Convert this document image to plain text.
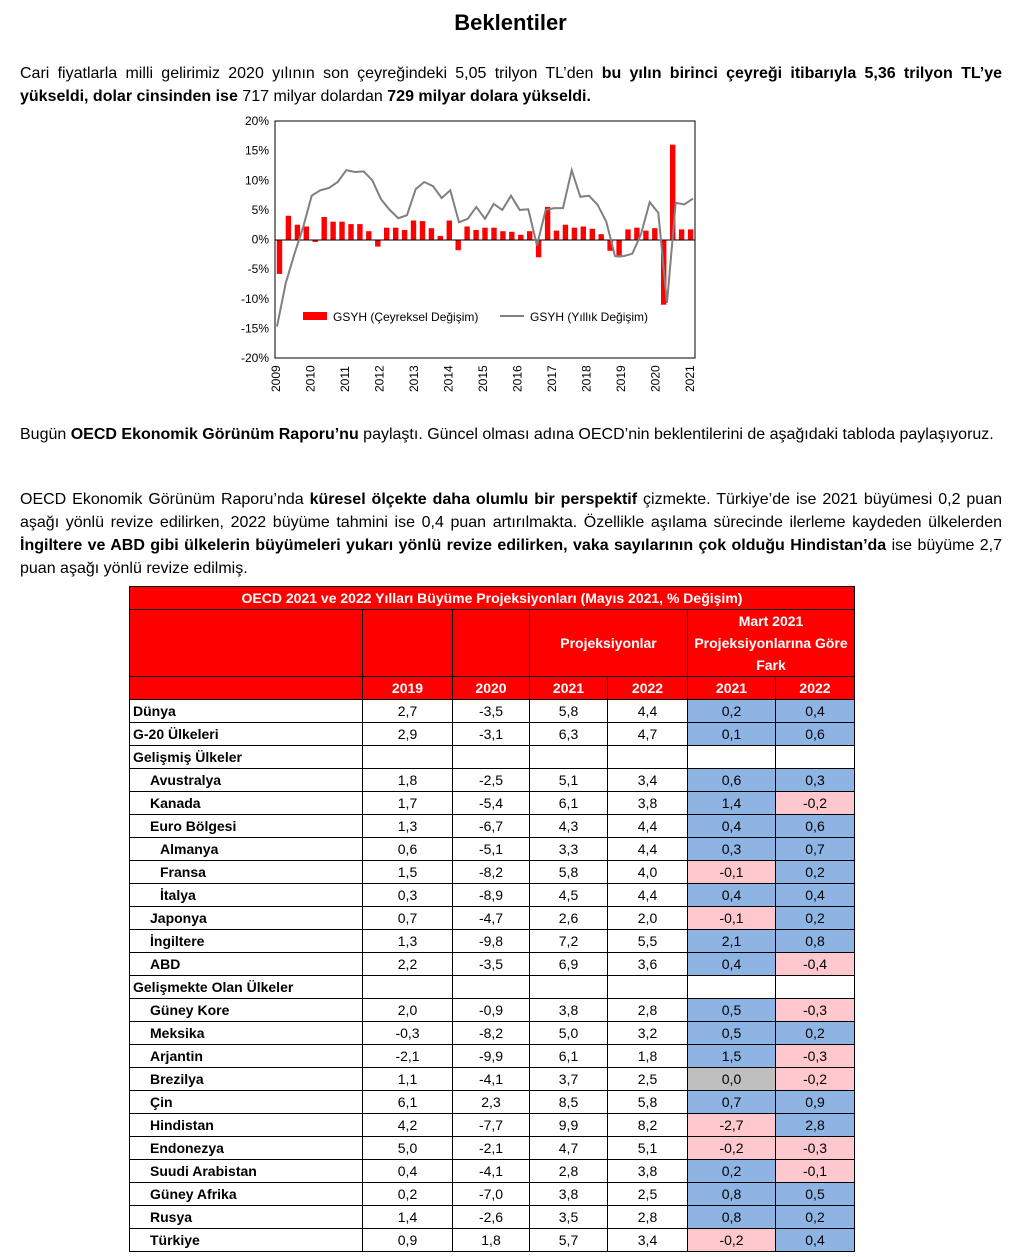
Beklentiler
Cari fiyatlarla milli gelirimiz 2020 yılının son çeyreğindeki 5,05 trilyon TL’den bu yılın birinci çeyreği itibarıyla 5,36 trilyon TL’ye yükseldi, dolar cinsinden ise 717 milyar dolardan 729 milyar dolara yükseldi.
-20%
-15%
-10%
-5%
0%
5%
10%
15%
20%
2009 2010 2011 2012 2013 2014 2015 2016 2017 2018 2019 2020 2021
GSYH (Çeyreksel Değişim)	GSYH (Yıllık Değişim)
Bugün OECD Ekonomik Görünüm Raporu’nu paylaştı. Güncel olması adına OECD’nin beklentilerini de aşağıdaki tabloda paylaşıyoruz.
OECD Ekonomik Görünüm Raporu’nda küresel ölçekte daha olumlu bir perspektif çizmekte. Türkiye’de ise 2021 büyümesi 0,2 puan aşağı yönlü revize edilirken, 2022 büyüme tahmini ise 0,4 puan artırılmakta. Özellikle aşılama sürecinde ilerleme kaydeden ülkelerden İngiltere ve ABD gibi ülkelerin büyümeleri yukarı yönlü revize edilirken, vaka sayılarının çok olduğu Hindistan’da ise büyüme 2,7 puan aşağı yönlü revize edilmiş.
OECD 2021 ve 2022 Yılları Büyüme Projeksiyonları (Mayıs 2021, % Değişim)						
			Projeksiyonlar		Mart 2021 Projeksiyonlarına Göre Fark	
	2019	2020	2021	2022	2021	2022
Dünya	2,7	-3,5	5,8	4,4	0,2	0,4
G-20 Ülkeleri	2,9	-3,1	6,3	4,7	0,1	0,6
Gelişmiş Ülkeler						
Avustralya	1,8	-2,5	5,1	3,4	0,6	0,3
Kanada	1,7	-5,4	6,1	3,8	1,4	-0,2
Euro Bölgesi	1,3	-6,7	4,3	4,4	0,4	0,6
Almanya	0,6	-5,1	3,3	4,4	0,3	0,7
Fransa	1,5	-8,2	5,8	4,0	-0,1	0,2
İtalya	0,3	-8,9	4,5	4,4	0,4	0,4
Japonya	0,7	-4,7	2,6	2,0	-0,1	0,2
İngiltere	1,3	-9,8	7,2	5,5	2,1	0,8
ABD	2,2	-3,5	6,9	3,6	0,4	-0,4
Gelişmekte Olan Ülkeler						
Güney Kore	2,0	-0,9	3,8	2,8	0,5	-0,3
Meksika	-0,3	-8,2	5,0	3,2	0,5	0,2
Arjantin	-2,1	-9,9	6,1	1,8	1,5	-0,3
Brezilya	1,1	-4,1	3,7	2,5	0,0	-0,2
Çin	6,1	2,3	8,5	5,8	0,7	0,9
Hindistan	4,2	-7,7	9,9	8,2	-2,7	2,8
Endonezya	5,0	-2,1	4,7	5,1	-0,2	-0,3
Suudi Arabistan	0,4	-4,1	2,8	3,8	0,2	-0,1
Güney Afrika	0,2	-7,0	3,8	2,5	0,8	0,5
Rusya	1,4	-2,6	3,5	2,8	0,8	0,2
Türkiye	0,9	1,8	5,7	3,4	-0,2	0,4
